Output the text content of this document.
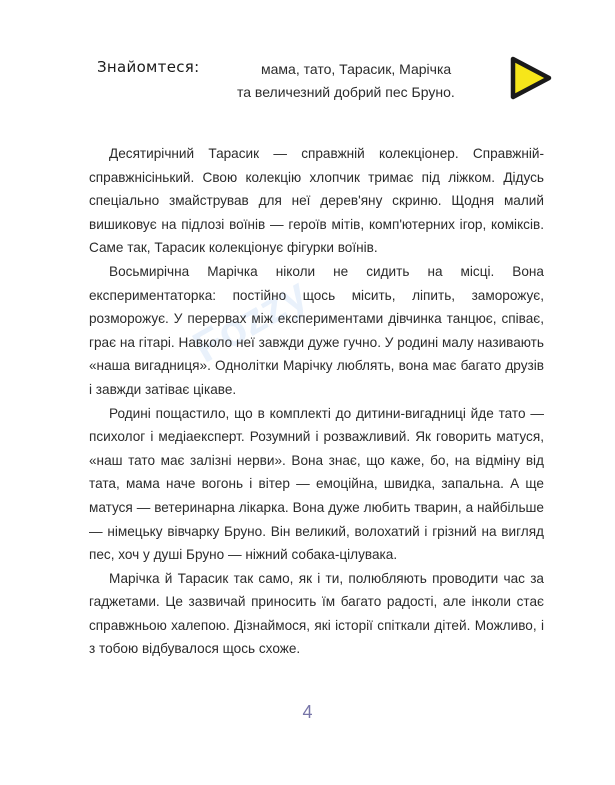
Знайомтеся:	мама, тато, Тарасик, Марічка
та величезний добрий пес Бруно.
Fozzy

Десятирічний Тарасик — справжній колекціонер. Справжній-справжнісінький. Свою колекцію хлопчик тримає під ліжком. Дідусь спеціально змайстрував для неї дерев'яну скриню. Щодня малий вишиковує на підлозі воїнів — героїв мітів, комп'ютерних ігор, коміксів. Саме так, Тарасик колекціонує фігурки воїнів.

Восьмирічна Марічка ніколи не сидить на місці. Вона експериментаторка: постійно щось місить, ліпить, заморожує, розморожує. У перервах між експериментами дівчинка танцює, співає, грає на гітарі. Навколо неї завжди дуже гучно. У родині малу називають «наша вигадниця». Однолітки Марічку люблять, вона має багато друзів і завжди затіває цікаве.

Родині пощастило, що в комплекті до дитини-вигадниці йде тато — психолог і медіаексперт. Розумний і розважливий. Як говорить матуся, «наш тато має залізні нерви». Вона знає, що каже, бо, на відміну від тата, мама наче вогонь і вітер — емоційна, швидка, запальна. А ще матуся — ветеринарна лікарка. Вона дуже любить тварин, а найбільше — німецьку вівчарку Бруно. Він великий, волохатий і грізний на вигляд пес, хоч у душі Бруно — ніжний собака-цілувака.

Марічка й Тарасик так само, як і ти, полюбляють проводити час за гаджетами. Це зазвичай приносить їм багато радості, але інколи стає справжньою халепою. Дізнаймося, які історії спіткали дітей. Можливо, і з тобою відбувалося щось схоже.

4
